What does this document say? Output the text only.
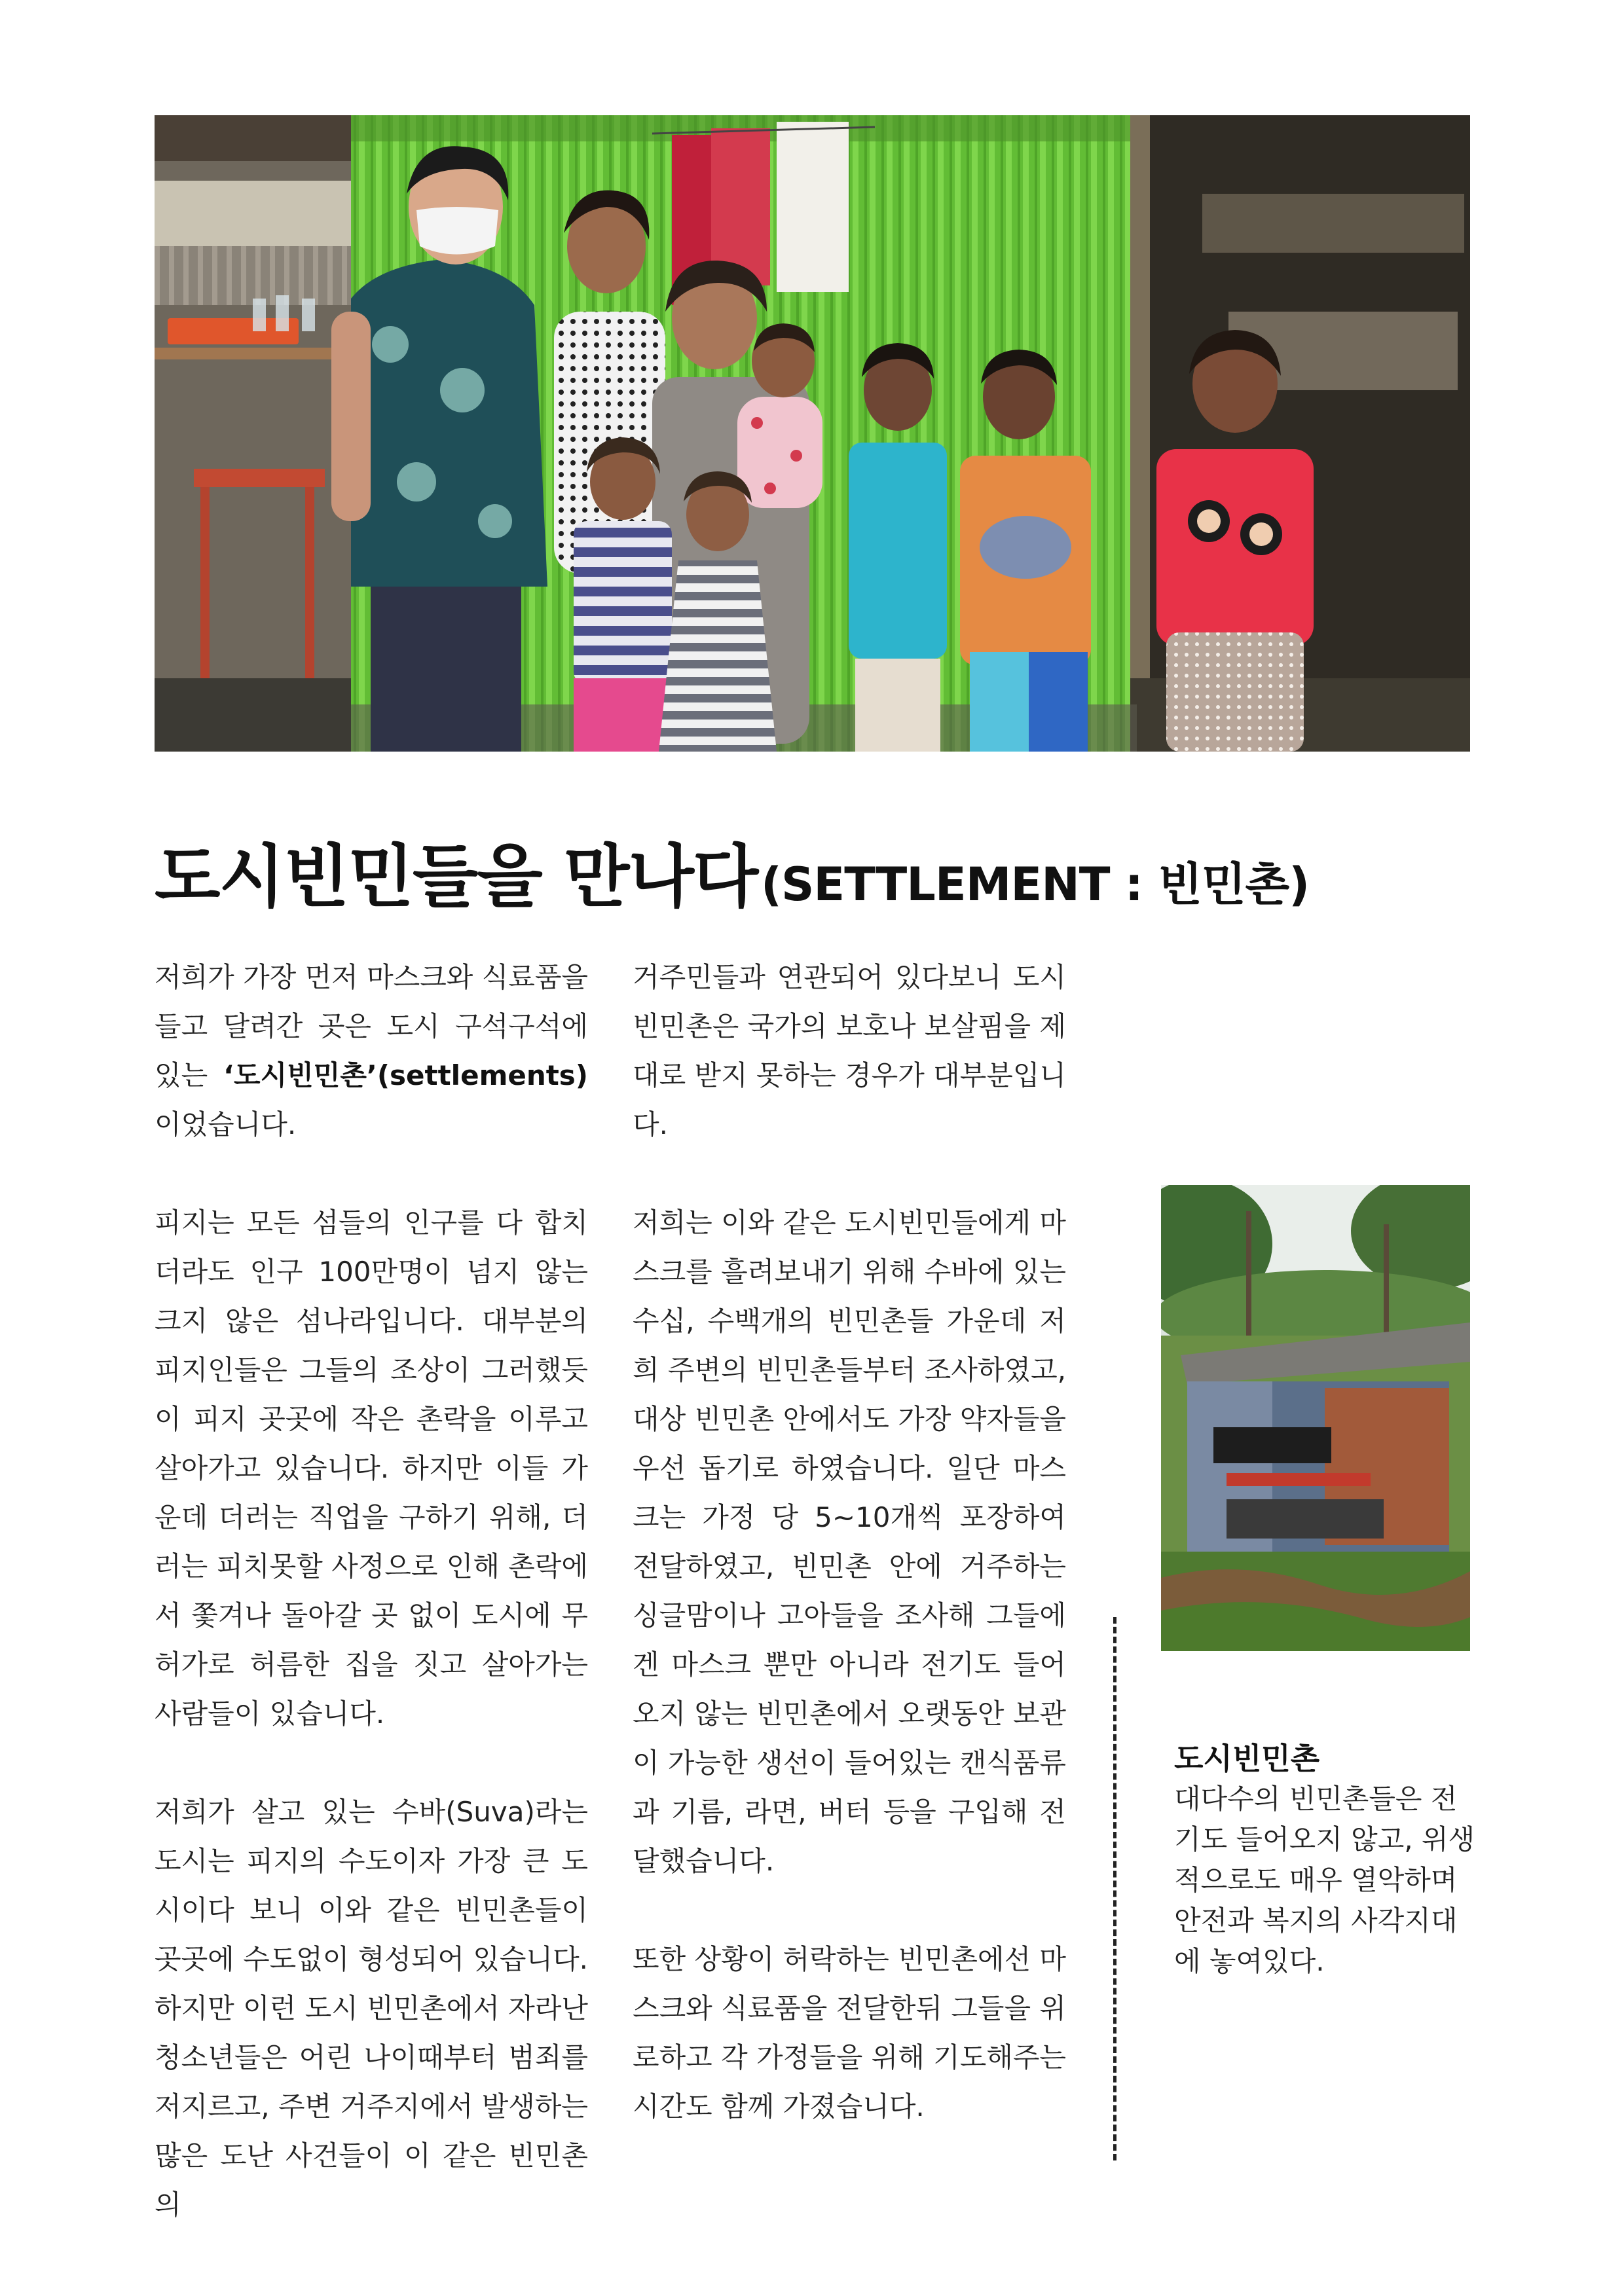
도시빈민들을 만나다 (SETTLEMENT : 빈민촌)

저희가 가장 먼저 마스크와 식료품을 들고 달려간 곳은 도시 구석구석에 있는 ‘도시빈민촌’(settlements) 이었습니다.

피지는 모든 섬들의 인구를 다 합치더라도 인구 100만명이 넘지 않는 크지 않은 섬나라입니다. 대부분의 피지인들은 그들의 조상이 그러했듯이 피지 곳곳에 작은 촌락을 이루고 살아가고 있습니다. 하지만 이들 가운데 더러는 직업을 구하기 위해, 더러는 피치못할 사정으로 인해 촌락에서 쫓겨나 돌아갈 곳 없이 도시에 무허가로 허름한 집을 짓고 살아가는 사람들이 있습니다.

저희가 살고 있는 수바(Suva)라는 도시는 피지의 수도이자 가장 큰 도시이다 보니 이와 같은 빈민촌들이 곳곳에 수도없이 형성되어 있습니다. 하지만 이런 도시 빈민촌에서 자라난 청소년들은 어린 나이때부터 범죄를 저지르고, 주변 거주지에서 발생하는 많은 도난 사건들이 이 같은 빈민촌의

거주민들과 연관되어 있다보니 도시빈민촌은 국가의 보호나 보살핌을 제대로 받지 못하는 경우가 대부분입니다.

저희는 이와 같은 도시빈민들에게 마스크를 흘려보내기 위해 수바에 있는 수십, 수백개의 빈민촌들 가운데 저희 주변의 빈민촌들부터 조사하였고, 대상 빈민촌 안에서도 가장 약자들을 우선 돕기로 하였습니다. 일단 마스크는 가정 당 5~10개씩 포장하여 전달하였고, 빈민촌 안에 거주하는 싱글맘이나 고아들을 조사해 그들에겐 마스크 뿐만 아니라 전기도 들어오지 않는 빈민촌에서 오랫동안 보관이 가능한 생선이 들어있는 캔식품류과 기름, 라면, 버터 등을 구입해 전달했습니다.

또한 상황이 허락하는 빈민촌에선 마스크와 식료품을 전달한뒤 그들을 위로하고 각 가정들을 위해 기도해주는 시간도 함께 가졌습니다.

도시빈민촌
대다수의 빈민촌들은 전기도 들어오지 않고, 위생적으로도 매우 열악하며 안전과 복지의 사각지대에 놓여있다.
